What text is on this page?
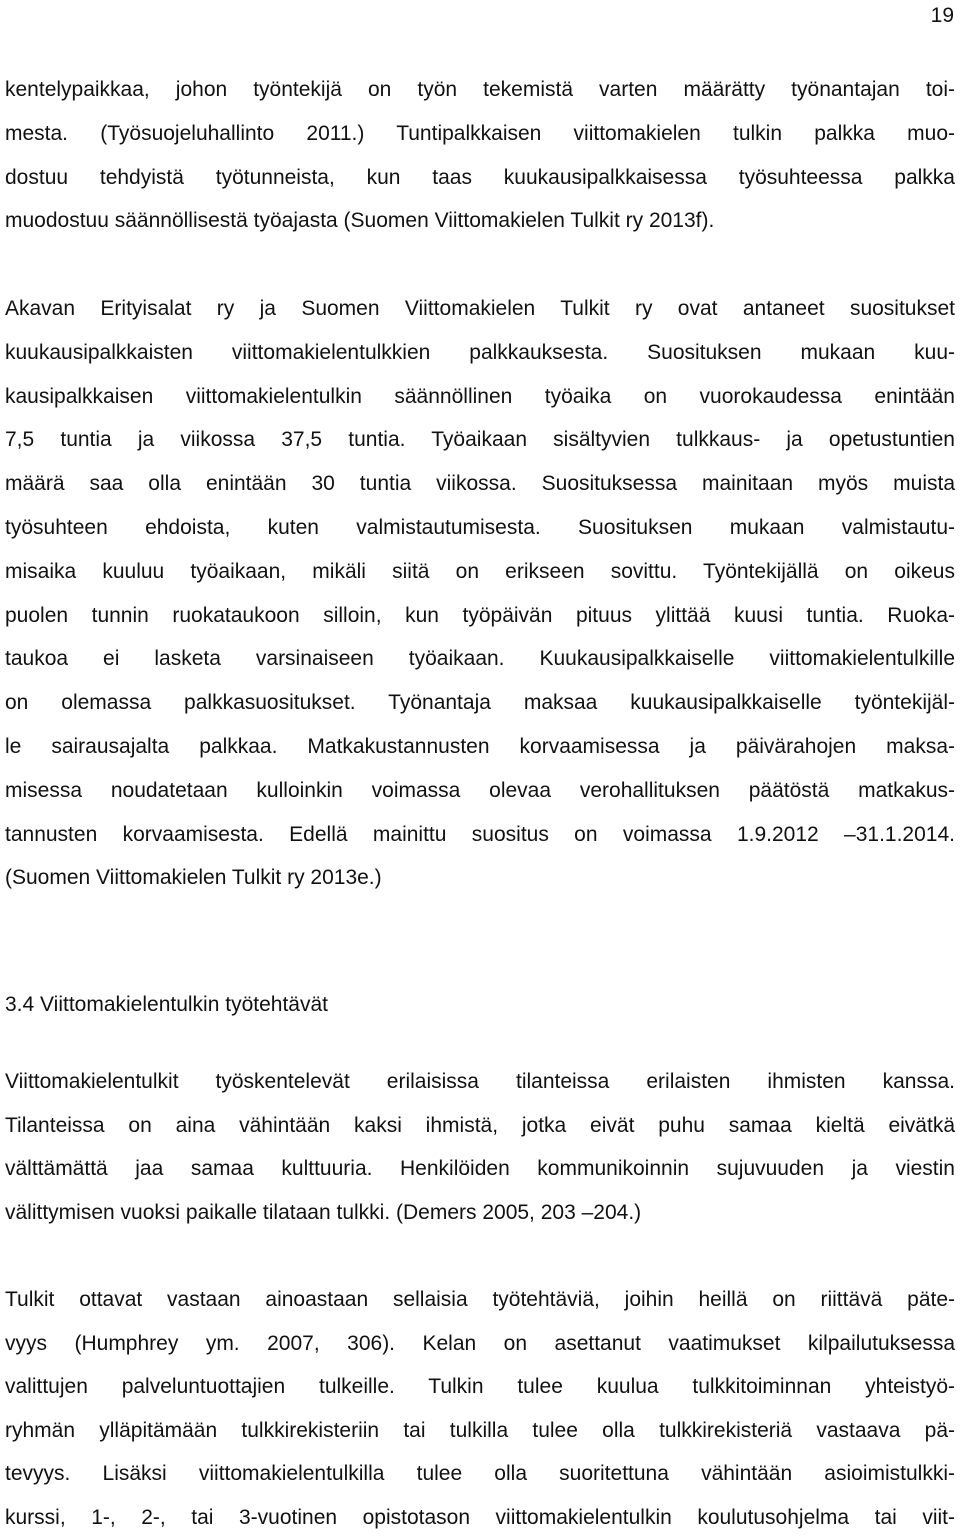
19
kentelypaikkaa, johon työntekijä on työn tekemistä varten määrätty työnantajan toi-
mesta. (Työsuojeluhallinto 2011.) Tuntipalkkaisen viittomakielen tulkin palkka muo-
dostuu tehdyistä työtunneista, kun taas kuukausipalkkaisessa työsuhteessa palkka
muodostuu säännöllisestä työajasta (Suomen Viittomakielen Tulkit ry 2013f).
Akavan Erityisalat ry ja Suomen Viittomakielen Tulkit ry ovat antaneet suositukset
kuukausipalkkaisten viittomakielentulkkien palkkauksesta. Suosituksen mukaan kuu-
kausipalkkaisen viittomakielentulkin säännöllinen työaika on vuorokaudessa enintään
7,5 tuntia ja viikossa 37,5 tuntia. Työaikaan sisältyvien tulkkaus- ja opetustuntien
määrä saa olla enintään 30 tuntia viikossa. Suosituksessa mainitaan myös muista
työsuhteen ehdoista, kuten valmistautumisesta. Suosituksen mukaan valmistautu-
misaika kuuluu työaikaan, mikäli siitä on erikseen sovittu. Työntekijällä on oikeus
puolen tunnin ruokataukoon silloin, kun työpäivän pituus ylittää kuusi tuntia. Ruoka-
taukoa ei lasketa varsinaiseen työaikaan. Kuukausipalkkaiselle viittomakielentulkille
on olemassa palkkasuositukset. Työnantaja maksaa kuukausipalkkaiselle työntekijäl-
le sairausajalta palkkaa. Matkakustannusten korvaamisessa ja päivärahojen maksa-
misessa noudatetaan kulloinkin voimassa olevaa verohallituksen päätöstä matkakus-
tannusten korvaamisesta. Edellä mainittu suositus on voimassa 1.9.2012 –31.1.2014.
(Suomen Viittomakielen Tulkit ry 2013e.)
3.4 Viittomakielentulkin työtehtävät
Viittomakielentulkit työskentelevät erilaisissa tilanteissa erilaisten ihmisten kanssa.
Tilanteissa on aina vähintään kaksi ihmistä, jotka eivät puhu samaa kieltä eivätkä
välttämättä jaa samaa kulttuuria. Henkilöiden kommunikoinnin sujuvuuden ja viestin
välittymisen vuoksi paikalle tilataan tulkki. (Demers 2005, 203 –204.)
Tulkit ottavat vastaan ainoastaan sellaisia työtehtäviä, joihin heillä on riittävä päte-
vyys (Humphrey ym. 2007, 306). Kelan on asettanut vaatimukset kilpailutuksessa
valittujen palveluntuottajien tulkeille. Tulkin tulee kuulua tulkkitoiminnan yhteistyö-
ryhmän ylläpitämään tulkkirekisteriin tai tulkilla tulee olla tulkkirekisteriä vastaava pä-
tevyys. Lisäksi viittomakielentulkilla tulee olla suoritettuna vähintään asioimistulkki-
kurssi, 1-, 2-, tai 3-vuotinen opistotason viittomakielentulkin koulutusohjelma tai viit-
